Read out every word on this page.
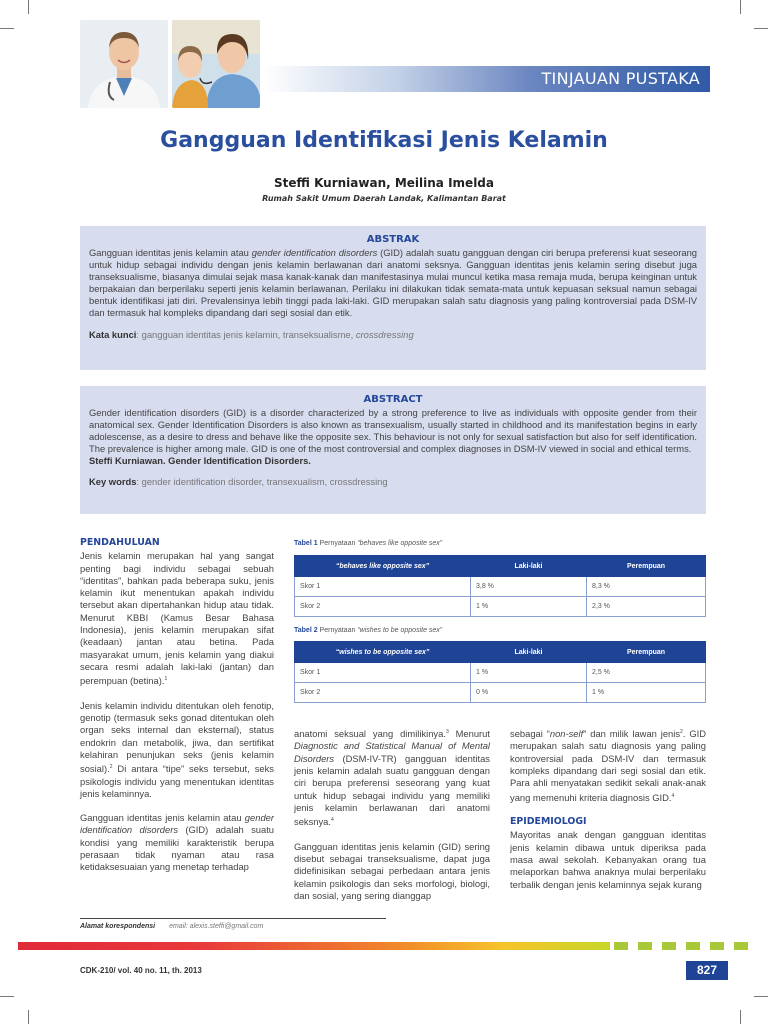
TINJAUAN PUSTAKA
Gangguan Identifikasi Jenis Kelamin
Steffi Kurniawan, Meilina Imelda
Rumah Sakit Umum Daerah Landak, Kalimantan Barat
ABSTRAK

Gangguan identitas jenis kelamin atau gender identification disorders (GID) adalah suatu gangguan dengan ciri berupa preferensi kuat seseorang untuk hidup sebagai individu dengan jenis kelamin berlawanan dari anatomi seksnya. Gangguan identitas jenis kelamin sering disebut juga transeksualisme, biasanya dimulai sejak masa kanak-kanak dan manifestasinya mulai muncul ketika masa remaja muda, berupa keinginan untuk berpakaian dan berperilaku seperti jenis kelamin berlawanan. Perilaku ini dilakukan tidak semata-mata untuk kepuasan seksual namun sebagai bentuk identifikasi jati diri. Prevalensinya lebih tinggi pada laki-laki. GID merupakan salah satu diagnosis yang paling kontroversial pada DSM-IV dan termasuk hal kompleks dipandang dari segi sosial dan etik.

Kata kunci: gangguan identitas jenis kelamin, transeksualisme, crossdressing
ABSTRACT

Gender identification disorders (GID) is a disorder characterized by a strong preference to live as individuals with opposite gender from their anatomical sex. Gender Identification Disorders is also known as transexualism, usually started in childhood and its manifestation begins in early adolescense, as a desire to dress and behave like the opposite sex. This behaviour is not only for sexual satisfaction but also for self identification. The prevalence is higher among male. GID is one of the most controversial and complex diagnoses in DSM-IV viewed in social and ethical terms.
Steffi Kurniawan. Gender Identification Disorders.

Key words: gender identification disorder, transexualism, crossdressing
PENDAHULUAN

Jenis kelamin merupakan hal yang sangat penting bagi individu sebagai sebuah “identitas”, bahkan pada beberapa suku, jenis kelamin ikut menentukan apakah individu tersebut akan dipertahankan hidup atau tidak. Menurut KBBI (Kamus Besar Bahasa Indonesia), jenis kelamin merupakan sifat (keadaan) jantan atau betina. Pada masyarakat umum, jenis kelamin yang diakui secara resmi adalah laki-laki (jantan) dan perempuan (betina).$^1$

Jenis kelamin individu ditentukan oleh fenotip, genotip (termasuk seks gonad ditentukan oleh organ seks internal dan eksternal), status endokrin dan metabolik, jiwa, dan sertifikat kelahiran penunjukan seks (jenis kelamin sosial).$^2$ Di antara “tipe” seks tersebut, seks psikologis individu yang menentukan identitas jenis kelaminnya.

Gangguan identitas jenis kelamin atau gender identification disorders (GID) adalah suatu kondisi yang memiliki karakteristik berupa perasaan tidak nyaman atau rasa ketidaksesuaian yang menetap terhadap

Tabel 1 Pernyataan “behaves like opposite sex”
“behaves like opposite sex”	Laki-laki	Perempuan
Skor 1	3,8 %	8,3 %
Skor 2	1 %	2,3 %
Tabel 2 Pernyataan “wishes to be opposite sex”
“wishes to be opposite sex”	Laki-laki	Perempuan
Skor 1	1 %	2,5 %
Skor 2	0 %	1 %

anatomi seksual yang dimilikinya.$^3$ Menurut Diagnostic and Statistical Manual of Mental Disorders (DSM-IV-TR) gangguan identitas jenis kelamin adalah suatu gangguan dengan ciri berupa preferensi seseorang yang kuat untuk hidup sebagai individu yang memiliki jenis kelamin berlawanan dari anatomi seksnya.$^4$

Gangguan identitas jenis kelamin (GID) sering disebut sebagai transeksualisme, dapat juga didefinisikan sebagai perbedaan antara jenis kelamin psikologis dan seks morfologi, biologi, dan sosial, yang sering dianggap

sebagai “non-self” dan milik lawan jenis$^2$. GID merupakan salah satu diagnosis yang paling kontroversial pada DSM-IV dan termasuk kompleks dipandang dari segi sosial dan etik. Para ahli menyatakan sedikit sekali anak-anak yang memenuhi kriteria diagnosis GID.$^4$

EPIDEMIOLOGI

Mayoritas anak dengan gangguan identitas jenis kelamin dibawa untuk diperiksa pada masa awal sekolah. Kebanyakan orang tua melaporkan bahwa anaknya mulai berperilaku terbalik dengan jenis kelaminnya sejak kurang

Alamat korespondensi email: alexis.steffi@gmail.com
CDK-210/ vol. 40 no. 11, th. 2013	827
